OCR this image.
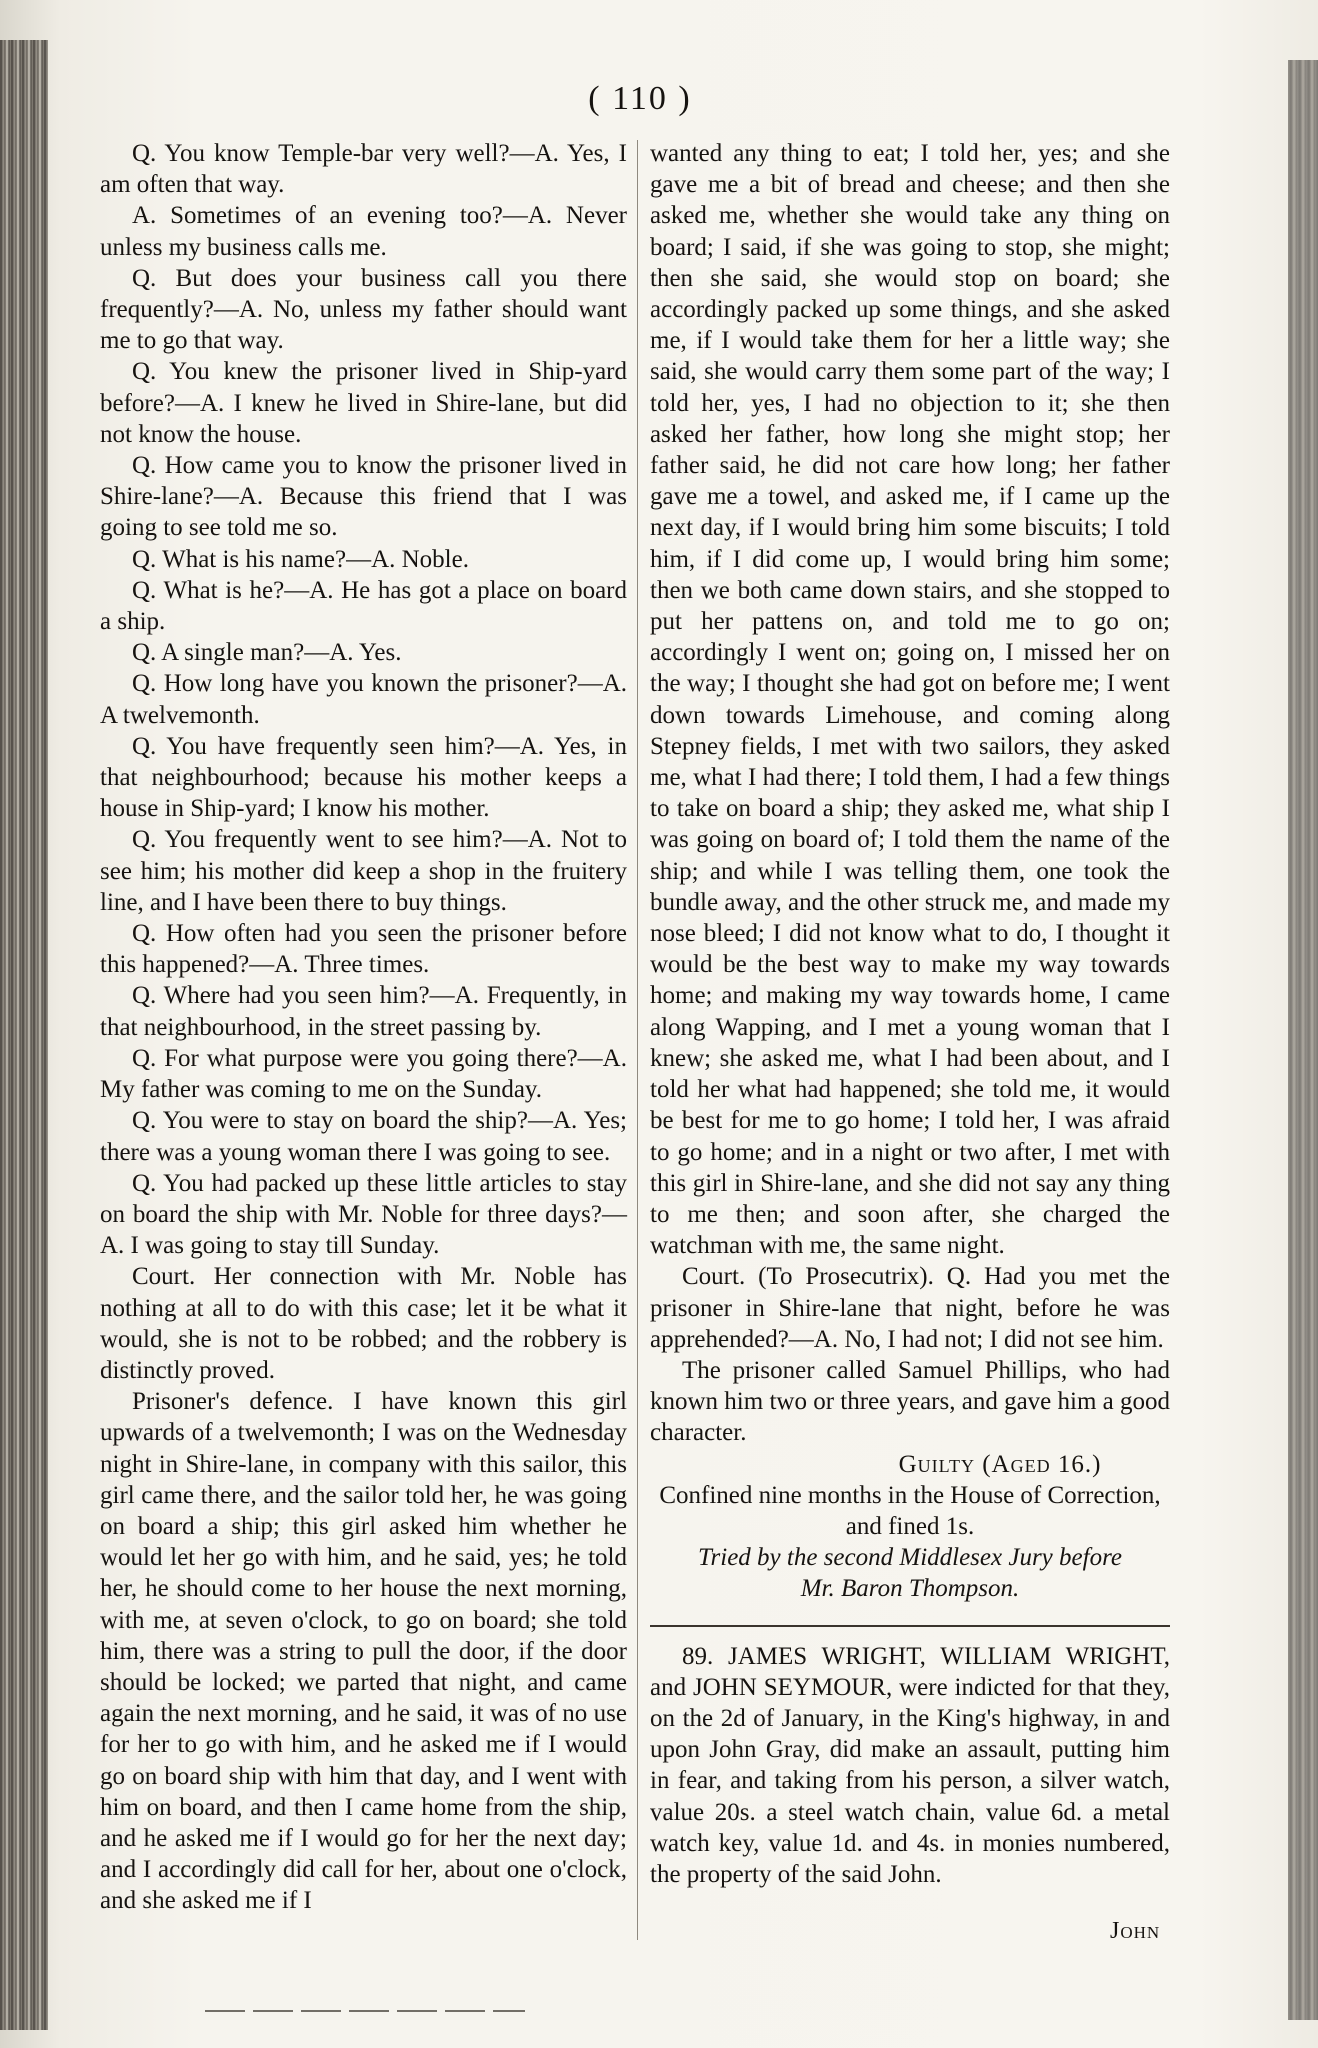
( 110 )

Q. You know Temple-bar very well?—A. Yes, I am often that way.

A. Sometimes of an evening too?—A. Never unless my business calls me.

Q. But does your business call you there frequently?—A. No, unless my father should want me to go that way.

Q. You knew the prisoner lived in Ship-yard before?—A. I knew he lived in Shire-lane, but did not know the house.

Q. How came you to know the prisoner lived in Shire-lane?—A. Because this friend that I was going to see told me so.

Q. What is his name?—A. Noble.

Q. What is he?—A. He has got a place on board a ship.

Q. A single man?—A. Yes.

Q. How long have you known the prisoner?—A. A twelvemonth.

Q. You have frequently seen him?—A. Yes, in that neighbourhood; because his mother keeps a house in Ship-yard; I know his mother.

Q. You frequently went to see him?—A. Not to see him; his mother did keep a shop in the fruitery line, and I have been there to buy things.

Q. How often had you seen the prisoner before this happened?—A. Three times.

Q. Where had you seen him?—A. Frequently, in that neighbourhood, in the street passing by.

Q. For what purpose were you going there?—A. My father was coming to me on the Sunday.

Q. You were to stay on board the ship?—A. Yes; there was a young woman there I was going to see.

Q. You had packed up these little articles to stay on board the ship with Mr. Noble for three days?—A. I was going to stay till Sunday.

Court. Her connection with Mr. Noble has nothing at all to do with this case; let it be what it would, she is not to be robbed; and the robbery is distinctly proved.

Prisoner's defence. I have known this girl upwards of a twelvemonth; I was on the Wednesday night in Shire-lane, in company with this sailor, this girl came there, and the sailor told her, he was going on board a ship; this girl asked him whether he would let her go with him, and he said, yes; he told her, he should come to her house the next morning, with me, at seven o'clock, to go on board; she told him, there was a string to pull the door, if the door should be locked; we parted that night, and came again the next morning, and he said, it was of no use for her to go with him, and he asked me if I would go on board ship with him that day, and I went with him on board, and then I came home from the ship, and he asked me if I would go for her the next day; and I accordingly did call for her, about one o'clock, and she asked me if I

wanted any thing to eat; I told her, yes; and she gave me a bit of bread and cheese; and then she asked me, whether she would take any thing on board; I said, if she was going to stop, she might; then she said, she would stop on board; she accordingly packed up some things, and she asked me, if I would take them for her a little way; she said, she would carry them some part of the way; I told her, yes, I had no objection to it; she then asked her father, how long she might stop; her father said, he did not care how long; her father gave me a towel, and asked me, if I came up the next day, if I would bring him some biscuits; I told him, if I did come up, I would bring him some; then we both came down stairs, and she stopped to put her pattens on, and told me to go on; accordingly I went on; going on, I missed her on the way; I thought she had got on before me; I went down towards Limehouse, and coming along Stepney fields, I met with two sailors, they asked me, what I had there; I told them, I had a few things to take on board a ship; they asked me, what ship I was going on board of; I told them the name of the ship; and while I was telling them, one took the bundle away, and the other struck me, and made my nose bleed; I did not know what to do, I thought it would be the best way to make my way towards home; and making my way towards home, I came along Wapping, and I met a young woman that I knew; she asked me, what I had been about, and I told her what had happened; she told me, it would be best for me to go home; I told her, I was afraid to go home; and in a night or two after, I met with this girl in Shire-lane, and she did not say any thing to me then; and soon after, she charged the watchman with me, the same night.

Court. (To Prosecutrix). Q. Had you met the prisoner in Shire-lane that night, before he was apprehended?—A. No, I had not; I did not see him.

The prisoner called Samuel Phillips, who had known him two or three years, and gave him a good character.

Guilty (Aged 16.)

Confined nine months in the House of Correction,

and fined 1s.

Tried by the second Middlesex Jury before

Mr. Baron Thompson.

89. JAMES WRIGHT, WILLIAM WRIGHT, and JOHN SEYMOUR, were indicted for that they, on the 2d of January, in the King's highway, in and upon John Gray, did make an assault, putting him in fear, and taking from his person, a silver watch, value 20s. a steel watch chain, value 6d. a metal watch key, value 1d. and 4s. in monies numbered, the property of the said John.

John
